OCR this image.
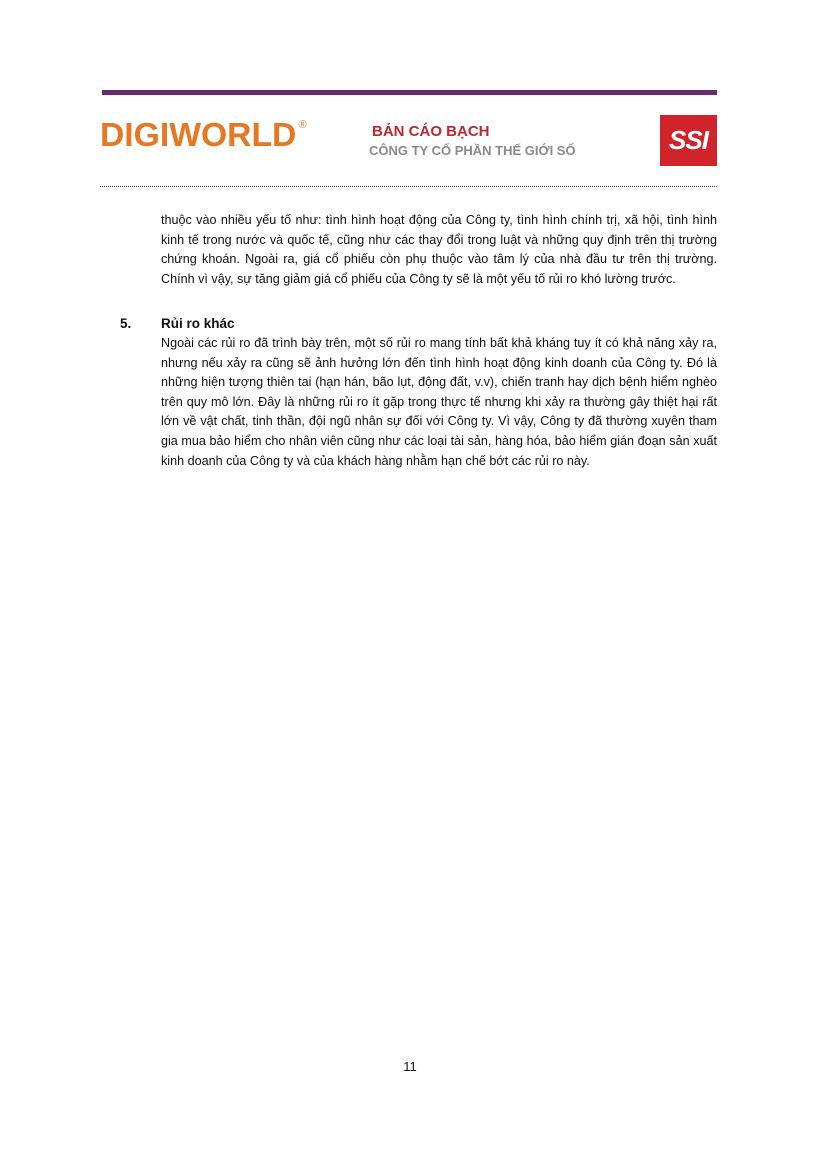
DIGIWORLD ®	BẢN CÁO BẠCH
CÔNG TY CỔ PHẦN THẾ GIỚI SỐ	SSI

thuộc vào nhiều yếu tố như: tình hình hoạt động của Công ty, tình hình chính trị, xã hội, tình hình kinh tế trong nước và quốc tế, cũng như các thay đổi trong luật và những quy định trên thị trường chứng khoán. Ngoài ra, giá cổ phiếu còn phụ thuộc vào tâm lý của nhà đầu tư trên thị trường. Chính vì vậy, sự tăng giảm giá cổ phiếu của Công ty sẽ là một yếu tố rủi ro khó lường trước.

5. Rủi ro khác

Ngoài các rủi ro đã trình bày trên, một số rủi ro mang tính bất khả kháng tuy ít có khả năng xảy ra, nhưng nếu xảy ra cũng sẽ ảnh hưởng lớn đến tình hình hoạt động kinh doanh của Công ty. Đó là những hiện tượng thiên tai (hạn hán, bão lụt, động đất, v.v), chiến tranh hay dịch bệnh hiểm nghèo trên quy mô lớn. Đây là những rủi ro ít gặp trong thực tế nhưng khi xảy ra thường gây thiệt hại rất lớn về vật chất, tinh thần, đội ngũ nhân sự đối với Công ty. Vì vậy, Công ty đã thường xuyên tham gia mua bảo hiểm cho nhân viên cũng như các loại tài sản, hàng hóa, bảo hiểm gián đoạn sản xuất kinh doanh của Công ty và của khách hàng nhằm hạn chế bớt các rủi ro này.

11
